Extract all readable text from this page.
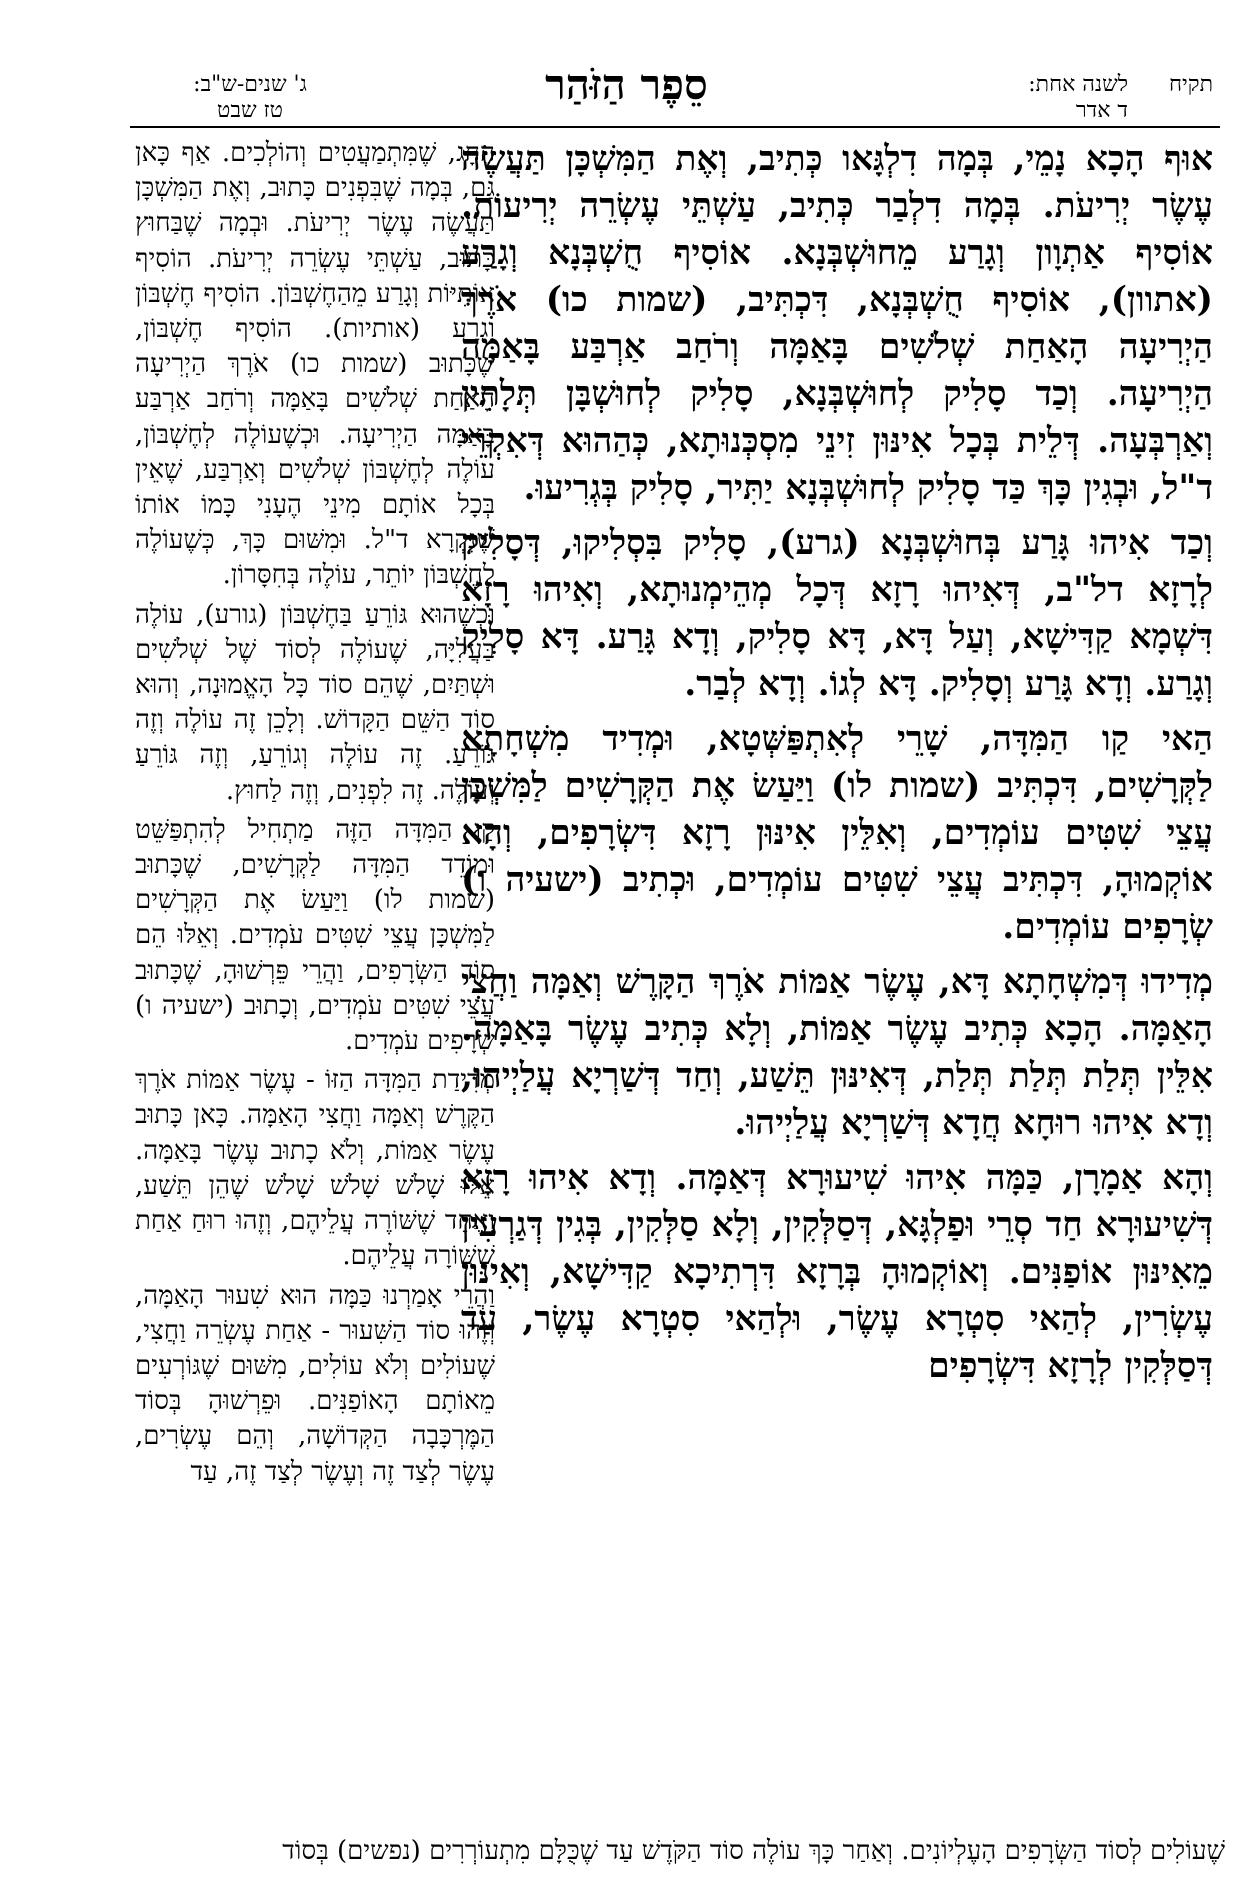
תקיח
לשנה אחת:
ד אדר
סֵפֶר הַזֹּהַר
ג' שנים-ש"ב:
טז שבט

אוּף הָכָא נָמֵי, בְּמָה דִלְגָּאו כְּתִיב, וְאֶת הַמִּשְׁכָּן תַּעֲשֶׂה עֶשֶׂר יְרִיעֹת. בְּמָה דִלְבַר כְּתִיב, עַשְׁתֵּי עֶשְׂרֵה יְרִיעוֹת. אוֹסִיף אַתְוָון וְגָרַע מֵחוּשְׁבְּנָא. אוֹסִיף חֻשְׁבְּנָא וְגָרַע (אתוון), אוֹסִיף חֻשְׁבְּנָא, דִּכְתִּיב, (שמות כו) אֹרֶךְ הַיְרִיעָה הָאַחַת שְׁלֹשִׁים בָּאַמָּה וְרֹחַב אַרְבַּע בָּאַמָּה הַיְרִיעָה. וְכַד סָלִיק לְחוּשְׁבְּנָא, סָלִיק לְחוּשְׁבָּן תְּלָתִין וְאַרְבְּעָה. דְּלֵית בְּכָל אִינּוּן זִינֵי מִסְכְּנוּתָא, כְּהַהוּא דְּאִקְרֵי ד"ל, וּבְגִין כָּךְ כַּד סָלִיק לְחוּשְׁבְּנָא יַתִּיר, סָלִיק בְּגְרִיעוּ.

וְכַד אִיהוּ גָּרַע בְּחוּשְׁבְּנָא (גרע), סָלִיק בִּסְלִיקוּ, דְּסָלִיק לְרָזָא דל"ב, דְּאִיהוּ רָזָא דְּכָל מְהֵימְנוּתָא, וְאִיהוּ רָזָא דִּשְׁמָא קַדִּישָׁא, וְעַל דָּא, דָּא סָלִיק, וְדָא גָּרַע. דָּא סָלִיק וְגָרַע. וְדָא גָּרַע וְסָלִיק. דָּא לְגוֹ. וְדָא לְבַר.

הַאי קַו הַמִּדָּה, שָׁרֵי לְאִתְפַּשְּׁטָא, וּמְדִיד מִשְׁחָתָא לַקְּרָשִׁים, דִּכְתִּיב (שמות לו) וַיַּעַשׂ אֶת הַקְּרָשִׁים לַמִּשְׁכָּן עֲצֵי שִׁטִּים עוֹמְדִים, וְאִלֵּין אִינּוּן רָזָא דִּשְׂרָפִים, וְהָא אוֹקְמוּהָ, דִּכְתִּיב עֲצֵי שִׁטִּים עוֹמְדִים, וּכְתִיב (ישעיה ו) שְׂרָפִים עוֹמְדִים.

מְדִידוּ דְּמִשְׁחָתָא דָּא, עֶשֶׂר אַמּוֹת אֹרֶךְ הַקָּרֶשׁ וְאַמָּה וַחֲצִי הָאַמָּה. הָכָא כְּתִיב עֶשֶׂר אַמּוֹת, וְלָא כְּתִיב עֶשֶׂר בָּאַמָּה. אִלֵּין תְּלַת תְּלַת תְּלַת, דְּאִינּוּן תֵּשַׁע, וְחַד דְּשַׁרְיָא עֲלַיְיהוּ, וְדָא אִיהוּ רוּחָא חֲדָא דְּשַׁרְיָא עֲלַיְיהוּ.

וְהָא אַמָרָן, כַּמָּה אִיהוּ שִׁיעוּרָא דְּאַמָּה. וְדָא אִיהוּ רָזָא דְּשִׁיעוּרָא חַד סְרֵי וּפַלְגָּא, דְּסַלְּקִין, וְלָא סַלְּקִין, בְּגִין דְּגַרְעִין מֵאִינּוּן אוֹפַנִּים. וְאוֹקְמוּהָ בְּרָזָא דִּרְתִיכָא קַדִּישָׁא, וְאִינּוּן עֶשְׂרִין, לְהַאי סִטְרָא עֶשֶׂר, וּלְהַאי סִטְרָא עֶשֶׂר, עַד דְּסַלְּקִין לְרָזָא דִּשְׂרָפִים

הֶחָג, שֶׁמִּתְמַעֲטִים וְהוֹלְכִים. אַף כָּאן גַּם, בְּמָה שֶׁבִּפְנִים כָּתוּב, וְאֶת הַמִּשְׁכָּן תַּעֲשֶׂה עֶשֶׂר יְרִיעֹת. וּבְמָה שֶׁבַּחוּץ כָּתוּב, עַשְׁתֵּי עֶשְׂרֵה יְרִיעֹת. הוֹסִיף אוֹתִיּוֹת וְגָרַע מֵהַחֶשְׁבּוֹן. הוֹסִיף חֶשְׁבּוֹן וְגָרַע (אותיות). הוֹסִיף חֶשְׁבּוֹן, שֶׁכָּתוּב (שמות כו) אֹרֶךְ הַיְרִיעָה הָאַחַת שְׁלֹשִׁים בָּאַמָּה וְרֹחַב אַרְבַּע בָּאַמָּה הַיְרִיעָה. וּכְשֶׁעוֹלֶה לְחֶשְׁבּוֹן, עוֹלֶה לְחֶשְׁבּוֹן שְׁלֹשִׁים וְאַרְבַּע, שֶׁאֵין בְּכָל אוֹתָם מִינֵי הֶעָנִי כָּמוֹ אוֹתוֹ שֶׁנִּקְרָא ד"ל. וּמִשּׁוּם כָּךְ, כְּשֶׁעוֹלֶה לְחֶשְׁבּוֹן יוֹתֵר, עוֹלֶה בְּחִסָּרוֹן.

וּכְשֶׁהוּא גּוֹרֵעַ בַּחֶשְׁבּוֹן (גורע), עוֹלֶה בַּעֲלִיָּה, שֶׁעוֹלֶה לְסוֹד שֶׁל שְׁלֹשִׁים וּשְׁתַּיִם, שֶׁהֵם סוֹד כָּל הָאֱמוּנָה, וְהוּא סוֹד הַשֵּׁם הַקָּדוֹשׁ. וְלָכֵן זֶה עוֹלֶה וְזֶה גּוֹרֵעַ. זֶה עוֹלֶה וְגוֹרֵעַ, וְזֶה גּוֹרֵעַ וְעוֹלֶה. זֶה לִפְנִים, וְזֶה לַחוּץ.

קַו הַמִּדָּה הַזֶּה מַתְחִיל לְהִתְפַּשֵּׁט וּמוֹדֵד הַמִּדָּה לַקְּרָשִׁים, שֶׁכָּתוּב (שמות לו) וַיַּעַשׂ אֶת הַקְּרָשִׁים לַמִּשְׁכָּן עֲצֵי שִׁטִּים עֹמְדִים. וְאֵלּוּ הֵם סוֹד הַשְּׂרָפִים, וַהֲרֵי פֵּרְשׁוּהָ, שֶׁכָּתוּב עֲצֵי שִׁטִּים עֹמְדִים, וְכָתוּב (ישעיה ו) שְׂרָפִים עֹמְדִים.

מְדִידַת הַמִּדָּה הַזּוֹ - עֶשֶׂר אַמּוֹת אֹרֶךְ הַקֶּרֶשׁ וְאַמָּה וַחֲצִי הָאַמָּה. כָּאן כָּתוּב עֶשֶׂר אַמּוֹת, וְלֹא כָתוּב עֶשֶׂר בָּאַמָּה. אֵלּוּ שָׁלֹשׁ שָׁלֹשׁ שָׁלֹשׁ שֶׁהֵן תֵּשַׁע, וְאֶחָד שֶׁשּׁוֹרֶה עֲלֵיהֶם, וְזֶהוּ רוּחַ אַחַת שֶׁשּׁוֹרָה עֲלֵיהֶם.

וַהֲרֵי אָמַרְנוּ כַּמָּה הוּא שִׁעוּר הָאַמָּה, וְזֶהוּ סוֹד הַשִּׁעוּר - אַחַת עֶשְׂרֵה וַחֲצִי, שֶׁעוֹלִים וְלֹא עוֹלִים, מִשּׁוּם שֶׁגּוֹרְעִים מֵאוֹתָם הָאוֹפַנִּים. וּפֵרְשׁוּהָ בְּסוֹד הַמֶּרְכָּבָה הַקְּדוֹשָׁה, וְהֵם עֶשְׂרִים, עֶשֶׂר לְצַד זֶה וְעֶשֶׂר לְצַד זֶה, עַד

שֶׁעוֹלִים לְסוֹד הַשְּׂרָפִים הָעֶלְיוֹנִים. וְאַחַר כָּךְ עוֹלֶה סוֹד הַקֹּדֶשׁ עַד שֶׁכֻּלָּם מִתְעוֹרְרִים (נפשים) בְּסוֹד
